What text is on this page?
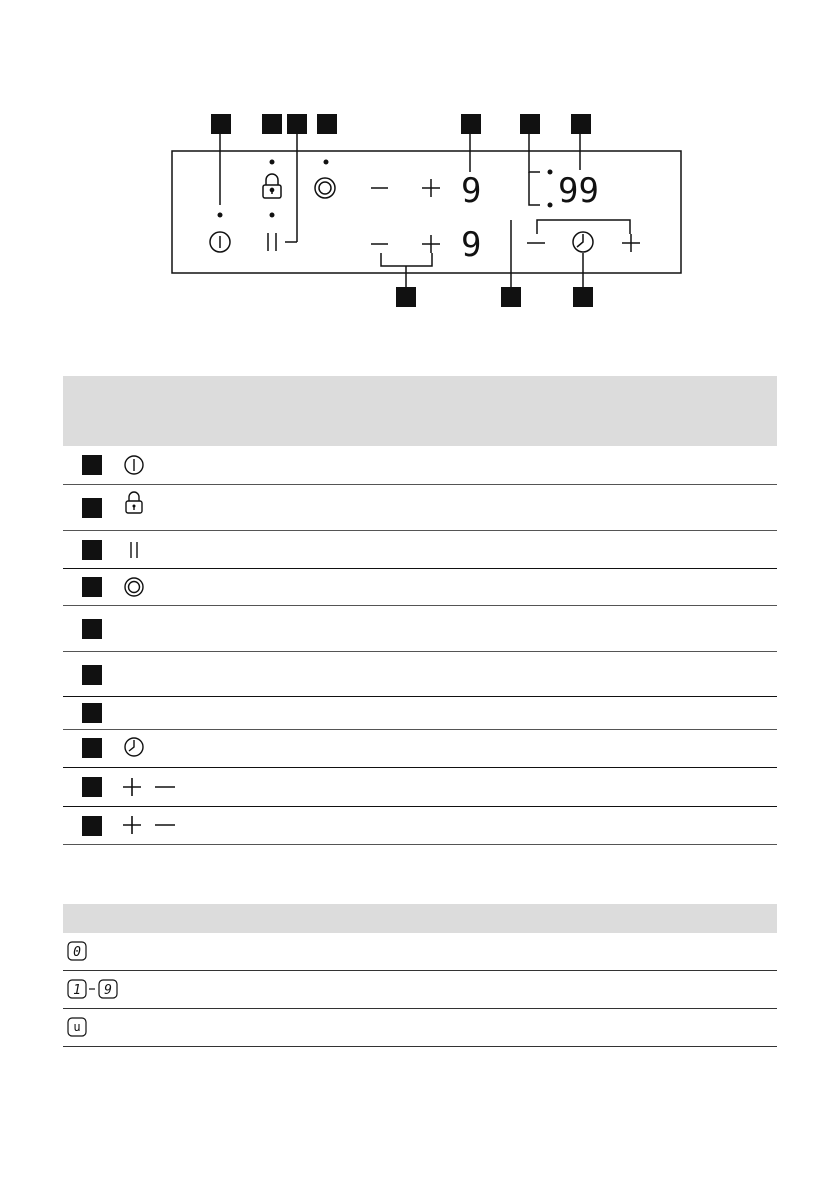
9
9
99
0
1 9
u
